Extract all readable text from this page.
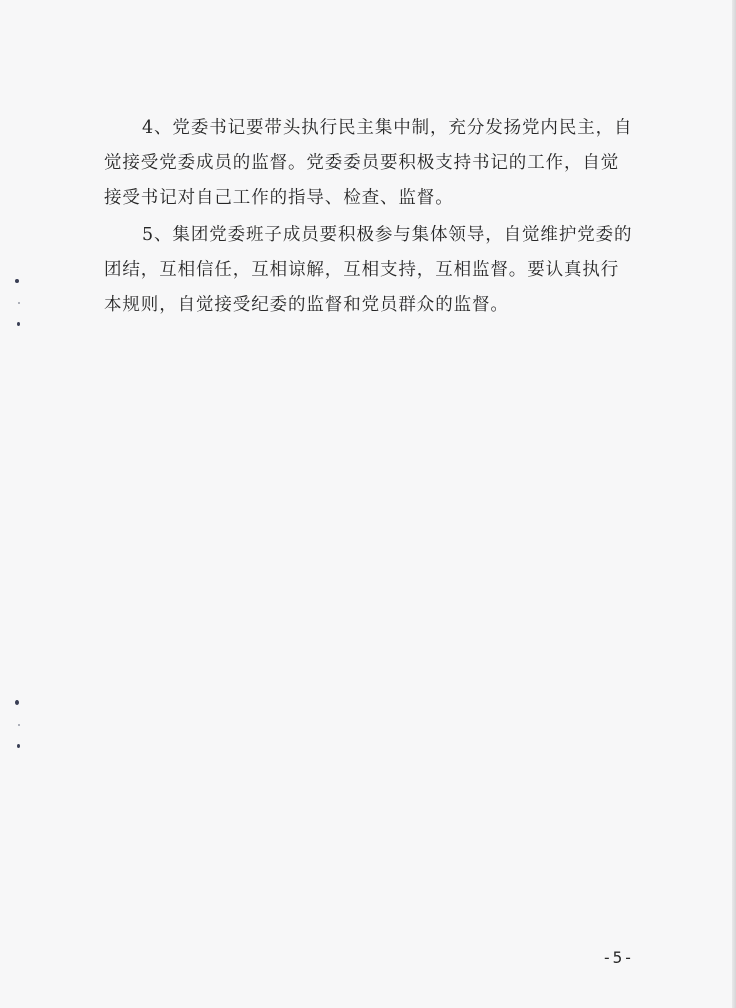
4、党委书记要带头执行民主集中制，充分发扬党内民主，自
觉接受党委成员的监督。党委委员要积极支持书记的工作，自觉
接受书记对自己工作的指导、检查、监督。
5、集团党委班子成员要积极参与集体领导，自觉维护党委的
团结，互相信任，互相谅解，互相支持，互相监督。要认真执行
本规则，自觉接受纪委的监督和党员群众的监督。
-5-
